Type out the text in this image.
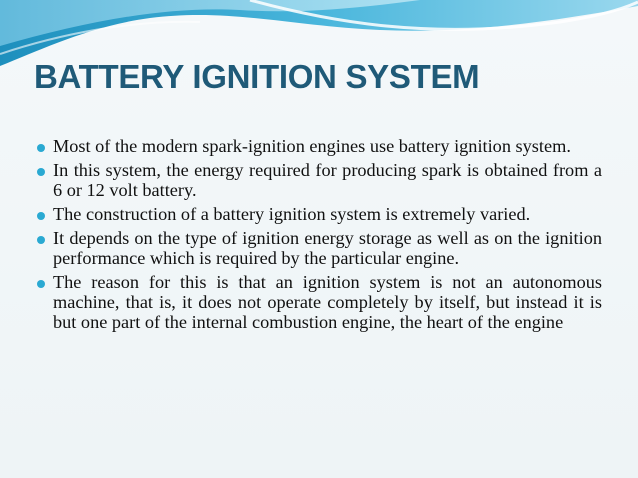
BATTERY IGNITION SYSTEM
Most of the modern spark-ignition engines use battery ignition system.
In this system, the energy required for producing spark is obtained from a 6 or 12 volt battery.
The construction of a battery ignition system is extremely varied.
It depends on the type of ignition energy storage as well as on the ignition performance which is required by the particular engine.
The reason for this is that an ignition system is not an autonomous machine, that is, it does not operate completely by itself, but instead it is but one part of the internal combustion engine, the heart of the engine
